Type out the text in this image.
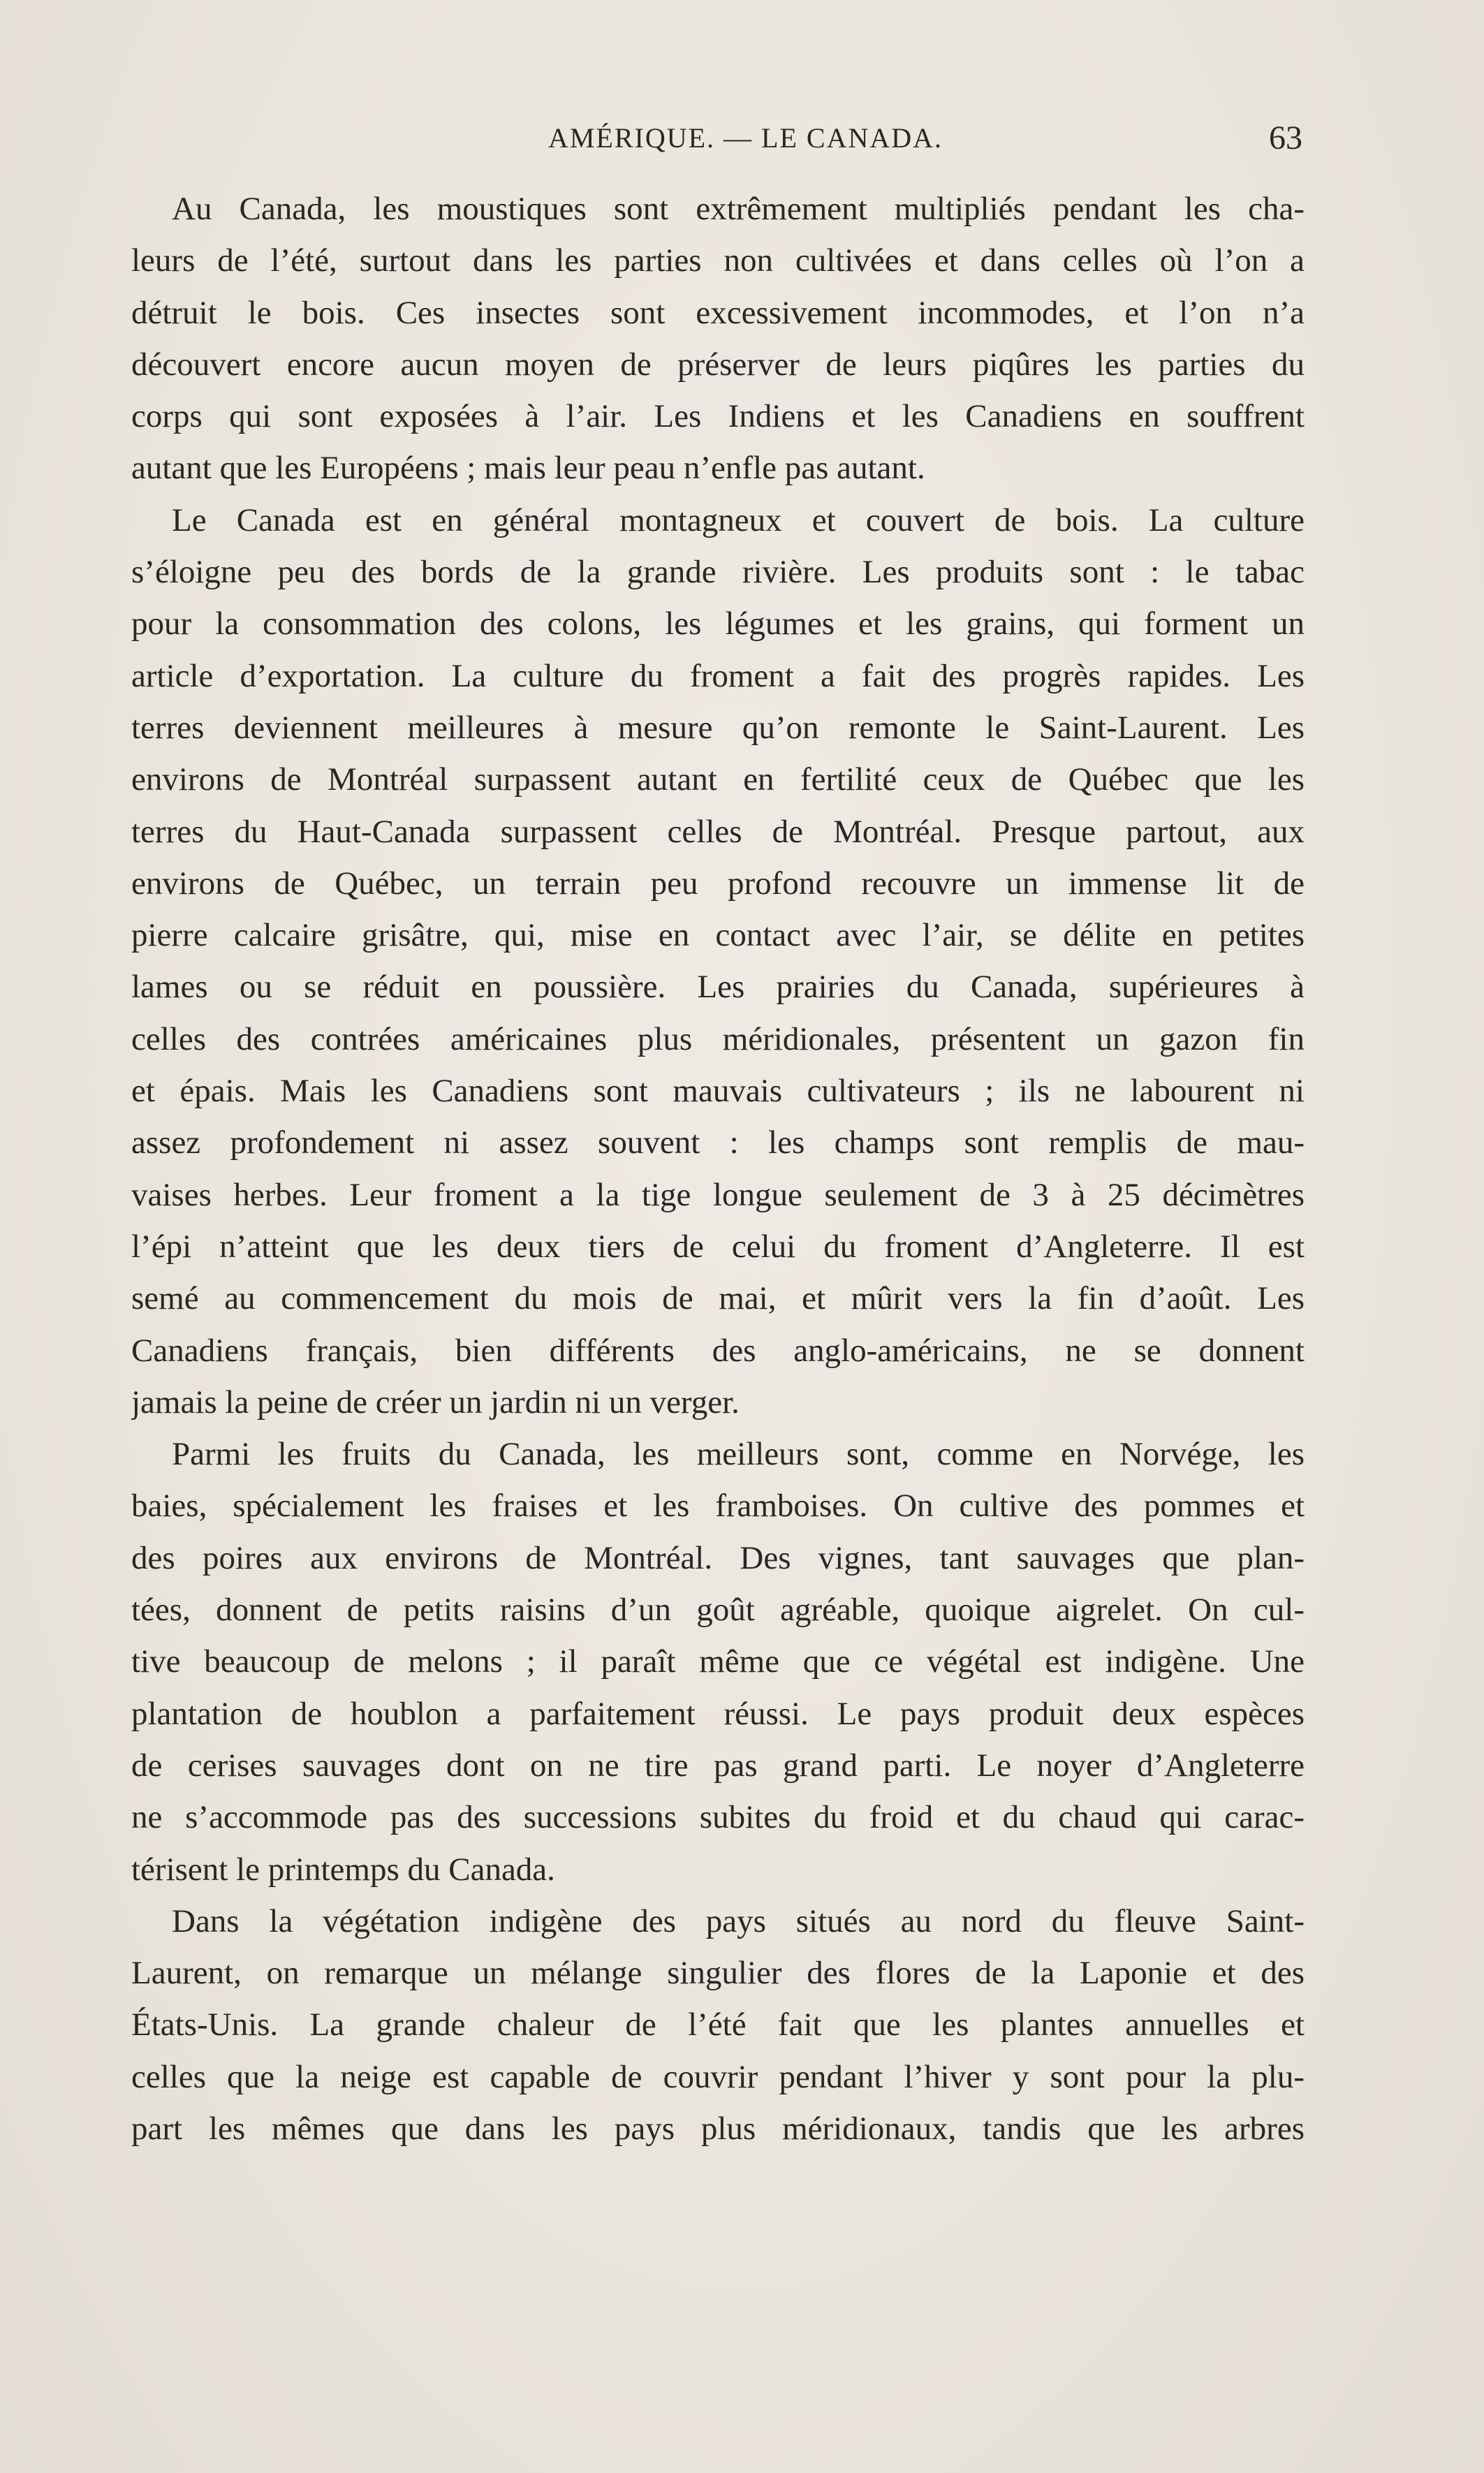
AMÉRIQUE. — LE CANADA.	63
Au Canada, les moustiques sont extrêmement multipliés pendant les cha-
leurs de l’été, surtout dans les parties non cultivées et dans celles où l’on a
détruit le bois. Ces insectes sont excessivement incommodes, et l’on n’a
découvert encore aucun moyen de préserver de leurs piqûres les parties du
corps qui sont exposées à l’air. Les Indiens et les Canadiens en souffrent
autant que les Européens ; mais leur peau n’enfle pas autant.
Le Canada est en général montagneux et couvert de bois. La culture
s’éloigne peu des bords de la grande rivière. Les produits sont : le tabac
pour la consommation des colons, les légumes et les grains, qui forment un
article d’exportation. La culture du froment a fait des progrès rapides. Les
terres deviennent meilleures à mesure qu’on remonte le Saint-Laurent. Les
environs de Montréal surpassent autant en fertilité ceux de Québec que les
terres du Haut-Canada surpassent celles de Montréal. Presque partout, aux
environs de Québec, un terrain peu profond recouvre un immense lit de
pierre calcaire grisâtre, qui, mise en contact avec l’air, se délite en petites
lames ou se réduit en poussière. Les prairies du Canada, supérieures à
celles des contrées américaines plus méridionales, présentent un gazon fin
et épais. Mais les Canadiens sont mauvais cultivateurs ; ils ne labourent ni
assez profondement ni assez souvent : les champs sont remplis de mau-
vaises herbes. Leur froment a la tige longue seulement de 3 à 25 décimètres
l’épi n’atteint que les deux tiers de celui du froment d’Angleterre. Il est
semé au commencement du mois de mai, et mûrit vers la fin d’août. Les
Canadiens français, bien différents des anglo-américains, ne se donnent
jamais la peine de créer un jardin ni un verger.
Parmi les fruits du Canada, les meilleurs sont, comme en Norvége, les
baies, spécialement les fraises et les framboises. On cultive des pommes et
des poires aux environs de Montréal. Des vignes, tant sauvages que plan-
tées, donnent de petits raisins d’un goût agréable, quoique aigrelet. On cul-
tive beaucoup de melons ; il paraît même que ce végétal est indigène. Une
plantation de houblon a parfaitement réussi. Le pays produit deux espèces
de cerises sauvages dont on ne tire pas grand parti. Le noyer d’Angleterre
ne s’accommode pas des successions subites du froid et du chaud qui carac-
térisent le printemps du Canada.
Dans la végétation indigène des pays situés au nord du fleuve Saint-
Laurent, on remarque un mélange singulier des flores de la Laponie et des
États-Unis. La grande chaleur de l’été fait que les plantes annuelles et
celles que la neige est capable de couvrir pendant l’hiver y sont pour la plu-
part les mêmes que dans les pays plus méridionaux, tandis que les arbres
